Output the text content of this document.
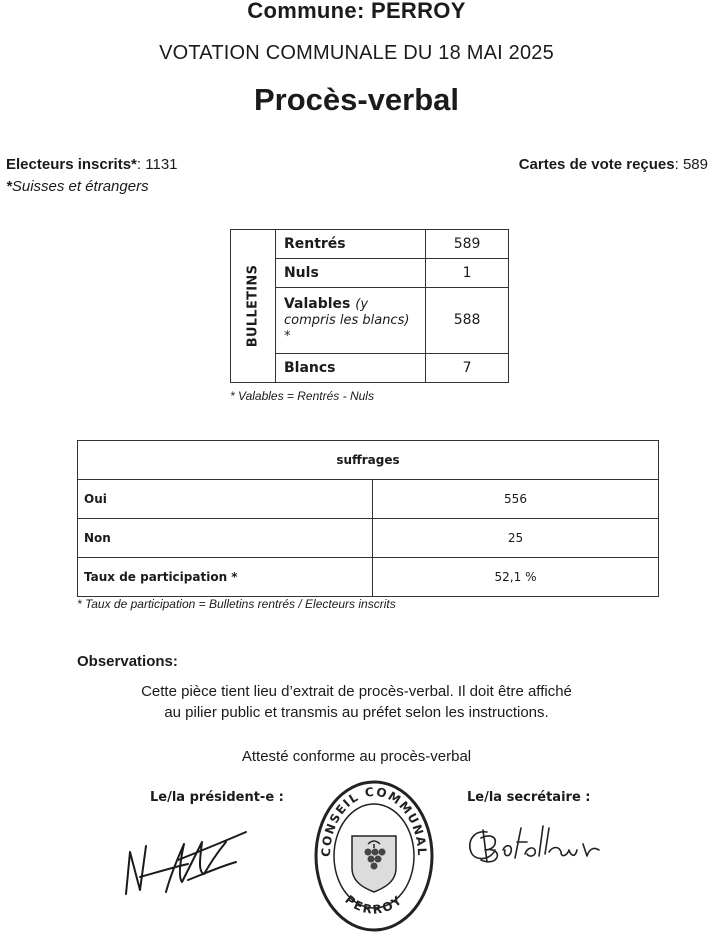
Commune: PERROY
VOTATION COMMUNALE DU 18 MAI 2025
Procès-verbal
Electeurs inscrits*: 1131
*Suisses et étrangers
Cartes de vote reçues: 589
BULLETINS	Rentrés	589
	Nuls	1
	Valables (y compris les blancs) *	588
	Blancs	7
* Valables = Rentrés - Nuls
suffrages	
Oui	556
Non	25
Taux de participation *	52,1 %
* Taux de participation = Bulletins rentrés / Electeurs inscrits
Observations:
Cette pièce tient lieu d’extrait de procès-verbal. Il doit être affiché
au pilier public et transmis au préfet selon les instructions.
Attesté conforme au procès-verbal
Le/la président-e :	Le/la secrétaire :
CONSEIL COMMUNAL
PERROY
